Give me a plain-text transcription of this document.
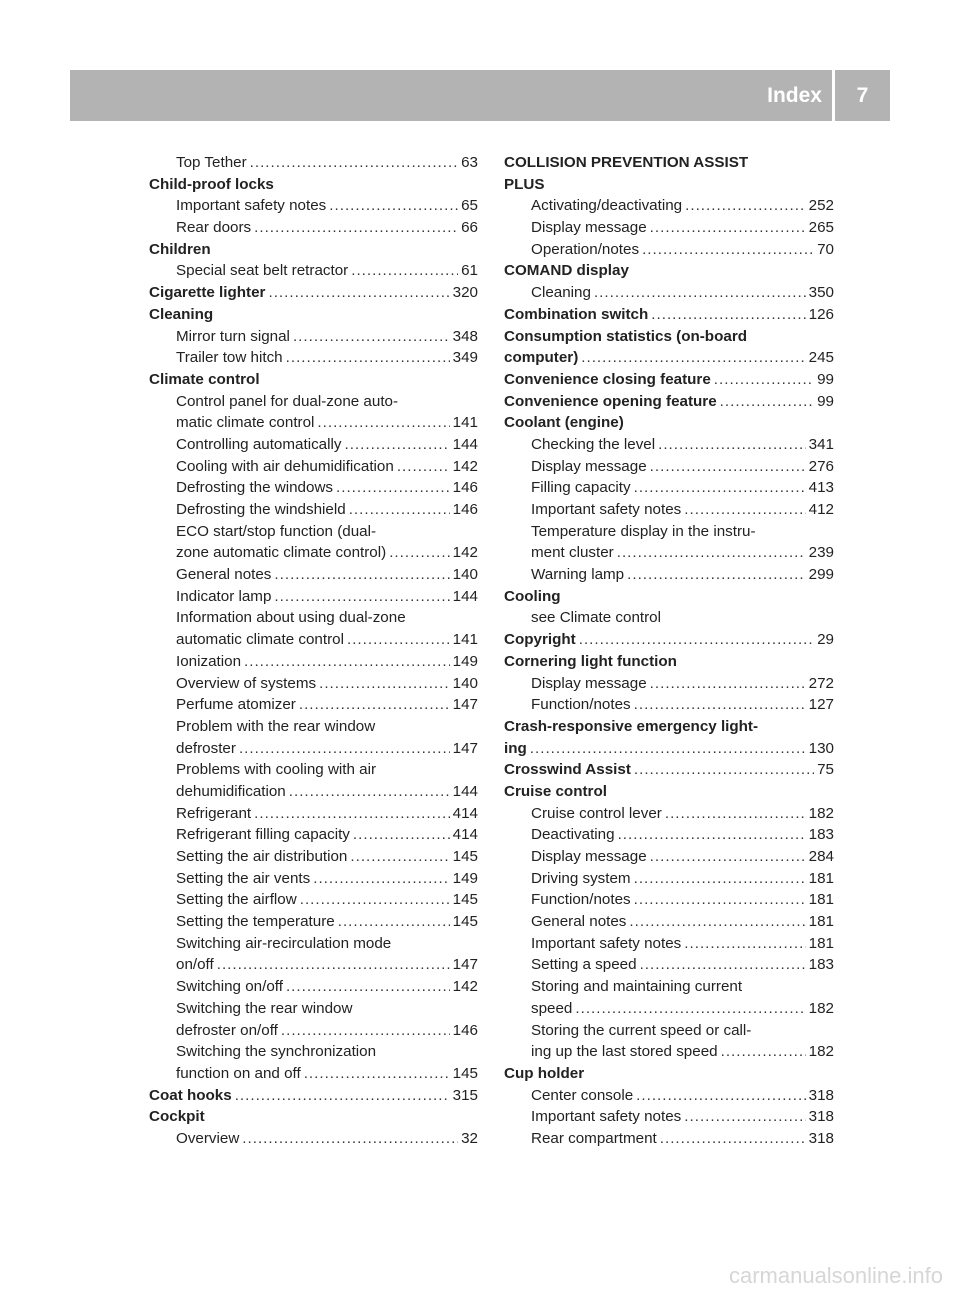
Index	7
Top Tether .....	63
Child-proof locks
Important safety notes .....	65
Rear doors .....	66
Children
Special seat belt retractor .....	61
Cigarette lighter .....	320
Cleaning
Mirror turn signal .....	348
Trailer tow hitch .....	349
Climate control
Control panel for dual-zone auto-
matic climate control .....	141
Controlling automatically .....	144
Cooling with air dehumidification .....	142
Defrosting the windows .....	146
Defrosting the windshield .....	146
ECO start/stop function (dual-
zone automatic climate control) .....	142
General notes .....	140
Indicator lamp .....	144
Information about using dual-zone
automatic climate control .....	141
Ionization .....	149
Overview of systems .....	140
Perfume atomizer .....	147
Problem with the rear window
defroster .....	147
Problems with cooling with air
dehumidification .....	144
Refrigerant .....	414
Refrigerant filling capacity .....	414
Setting the air distribution .....	145
Setting the air vents .....	149
Setting the airflow .....	145
Setting the temperature .....	145
Switching air-recirculation mode
on/off .....	147
Switching on/off .....	142
Switching the rear window
defroster on/off .....	146
Switching the synchronization
function on and off .....	145
Coat hooks .....	315
Cockpit
Overview .....	32
COLLISION PREVENTION ASSIST
PLUS
Activating/deactivating .....	252
Display message .....	265
Operation/notes .....	70
COMAND display
Cleaning .....	350
Combination switch .....	126
Consumption statistics (on-board
computer) .....	245
Convenience closing feature .....	99
Convenience opening feature .....	99
Coolant (engine)
Checking the level .....	341
Display message .....	276
Filling capacity .....	413
Important safety notes .....	412
Temperature display in the instru-
ment cluster .....	239
Warning lamp .....	299
Cooling
see Climate control
Copyright .....	29
Cornering light function
Display message .....	272
Function/notes .....	127
Crash-responsive emergency light-
ing .....	130
Crosswind Assist .....	75
Cruise control
Cruise control lever .....	182
Deactivating .....	183
Display message .....	284
Driving system .....	181
Function/notes .....	181
General notes .....	181
Important safety notes .....	181
Setting a speed .....	183
Storing and maintaining current
speed .....	182
Storing the current speed or call-
ing up the last stored speed .....	182
Cup holder
Center console .....	318
Important safety notes .....	318
Rear compartment .....	318
carmanualsonline.info
